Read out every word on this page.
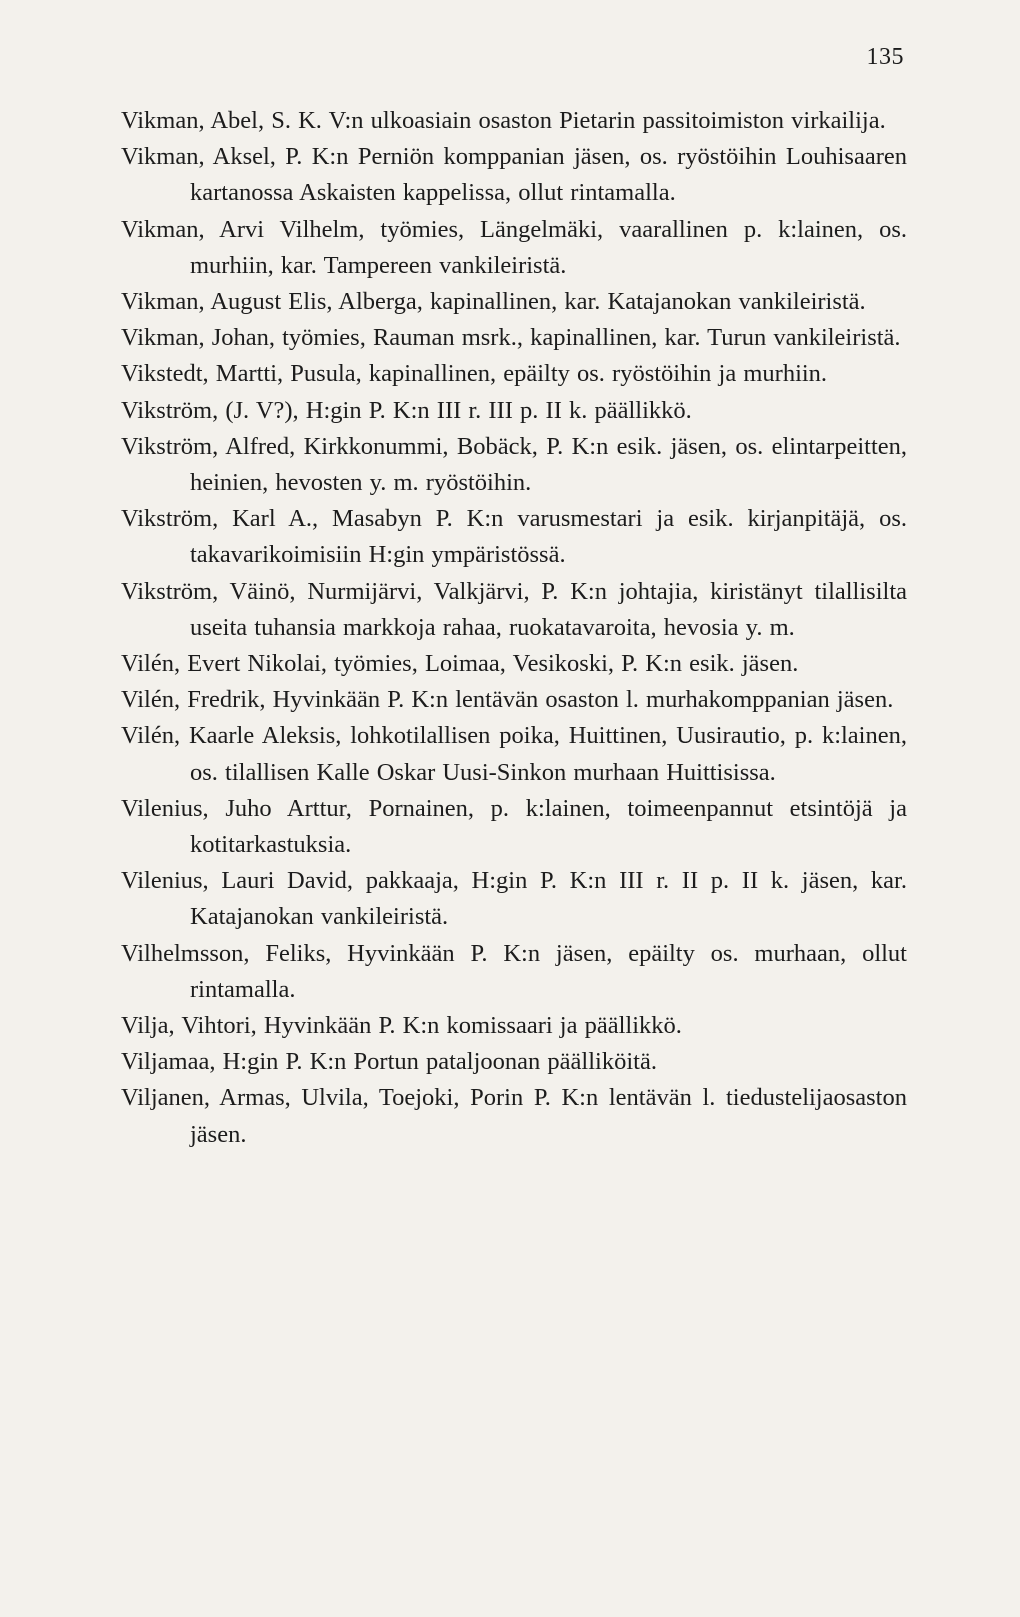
135

Vikman, Abel, S. K. V:n ulkoasiain osaston Pietarin passitoimiston virkailija.

Vikman, Aksel, P. K:n Perniön komppanian jäsen, os. ryöstöihin Louhisaaren kartanossa Askaisten kappelissa, ollut rintamalla.

Vikman, Arvi Vilhelm, työmies, Längelmäki, vaarallinen p. k:lainen, os. murhiin, kar. Tampereen vankileiristä.

Vikman, August Elis, Alberga, kapinallinen, kar. Katajanokan vankileiristä.

Vikman, Johan, työmies, Rauman msrk., kapinallinen, kar. Turun vankileiristä.

Vikstedt, Martti, Pusula, kapinallinen, epäilty os. ryöstöihin ja murhiin.

Vikström, (J. V?), H:gin P. K:n III r. III p. II k. päällikkö.

Vikström, Alfred, Kirkkonummi, Bobäck, P. K:n esik. jäsen, os. elintarpeitten, heinien, hevosten y. m. ryöstöihin.

Vikström, Karl A., Masabyn P. K:n varusmestari ja esik. kirjanpitäjä, os. takavarikoimisiin H:gin ympäristössä.

Vikström, Väinö, Nurmijärvi, Valkjärvi, P. K:n johtajia, kiristänyt tilallisilta useita tuhansia markkoja rahaa, ruokatavaroita, hevosia y. m.

Vilén, Evert Nikolai, työmies, Loimaa, Vesikoski, P. K:n esik. jäsen.

Vilén, Fredrik, Hyvinkään P. K:n lentävän osaston l. murhakomppanian jäsen.

Vilén, Kaarle Aleksis, lohkotilallisen poika, Huittinen, Uusirautio, p. k:lainen, os. tilallisen Kalle Oskar Uusi-Sinkon murhaan Huittisissa.

Vilenius, Juho Arttur, Pornainen, p. k:lainen, toimeenpannut etsintöjä ja kotitarkastuksia.

Vilenius, Lauri David, pakkaaja, H:gin P. K:n III r. II p. II k. jäsen, kar. Katajanokan vankileiristä.

Vilhelmsson, Feliks, Hyvinkään P. K:n jäsen, epäilty os. murhaan, ollut rintamalla.

Vilja, Vihtori, Hyvinkään P. K:n komissaari ja päällikkö.

Viljamaa, H:gin P. K:n Portun pataljoonan päälliköitä.

Viljanen, Armas, Ulvila, Toejoki, Porin P. K:n lentävän l. tiedustelijaosaston jäsen.
